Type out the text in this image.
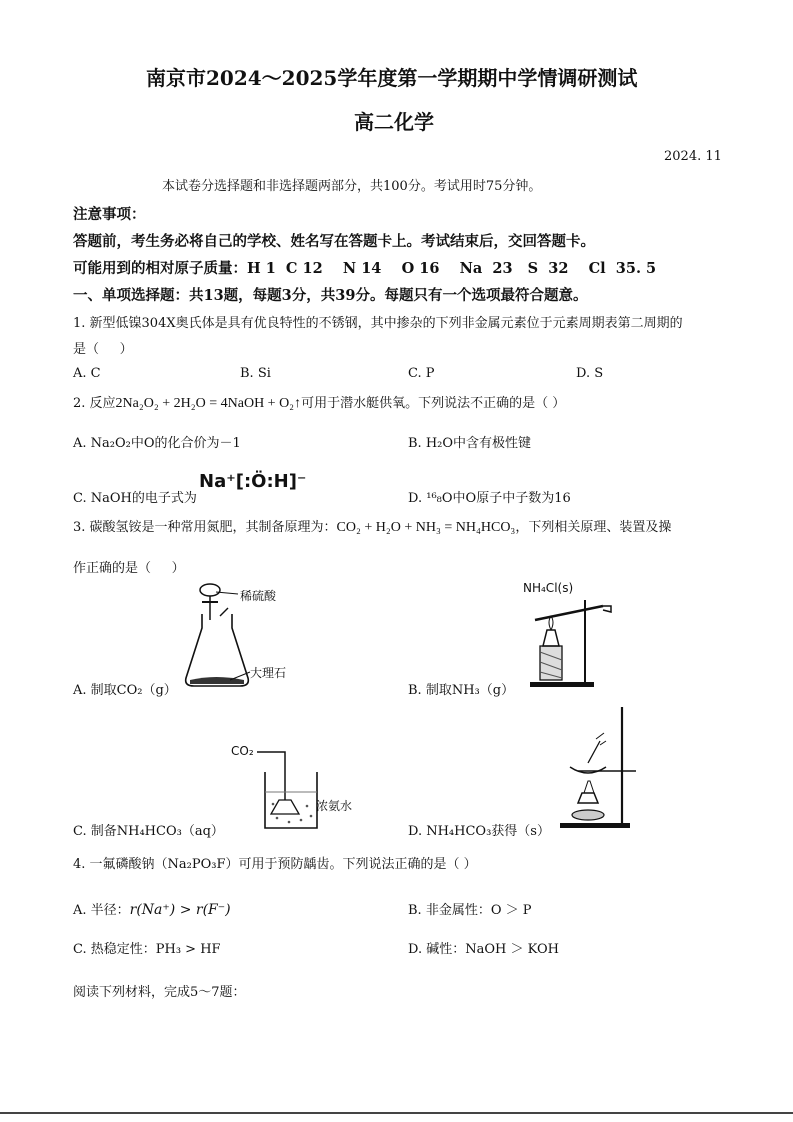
南京市2024～2025学年度第一学期期中学情调研测试
高二化学
2024. 11
本试卷分选择题和非选择题两部分，共100分。考试用时75分钟。
注意事项：
答题前，考生务必将自己的学校、姓名写在答题卡上。考试结束后，交回答题卡。
可能用到的相对原子质量：H 1  C 12    N 14    O 16    Na  23   S  32    Cl  35. 5
一、单项选择题：共13题，每题3分，共39分。每题只有一个选项最符合题意。
1. 新型低镍304X奥氏体是具有优良特性的不锈钢，其中掺杂的下列非金属元素位于元素周期表第二周期的
是（     ）
A. C	B. Si	C. P	D. S
2. 反应2Na₂O₂ + 2H₂O = 4NaOH + O₂↑可用于潜水艇供氧。下列说法不正确的是（ ）
A. Na₂O₂中O的化合价为－1	B. H₂O中含有极性键
C. NaOH的电子式为
Na⁺[:Ö:H]⁻
D. ¹⁶₈O中O原子中子数为16
3. 碳酸氢铵是一种常用氮肥，其制备原理为：CO₂ + H₂O + NH₃ = NH₄HCO₃，下列相关原理、装置及操
作正确的是（     ）
稀硫酸
大理石
A. 制取CO₂（g）
NH₄Cl(s)
B. 制取NH₃（g）
CO₂
浓氨水
C. 制备NH₄HCO₃（aq）	D. NH₄HCO₃获得（s）
4. 一氟磷酸钠（Na₂PO₃F）可用于预防龋齿。下列说法正确的是（ ）
A. 半径：r(Na⁺) > r(F⁻)	B. 非金属性：O ＞ P
C. 热稳定性：PH₃ > HF	D. 碱性：NaOH ＞ KOH
阅读下列材料，完成5～7题：
